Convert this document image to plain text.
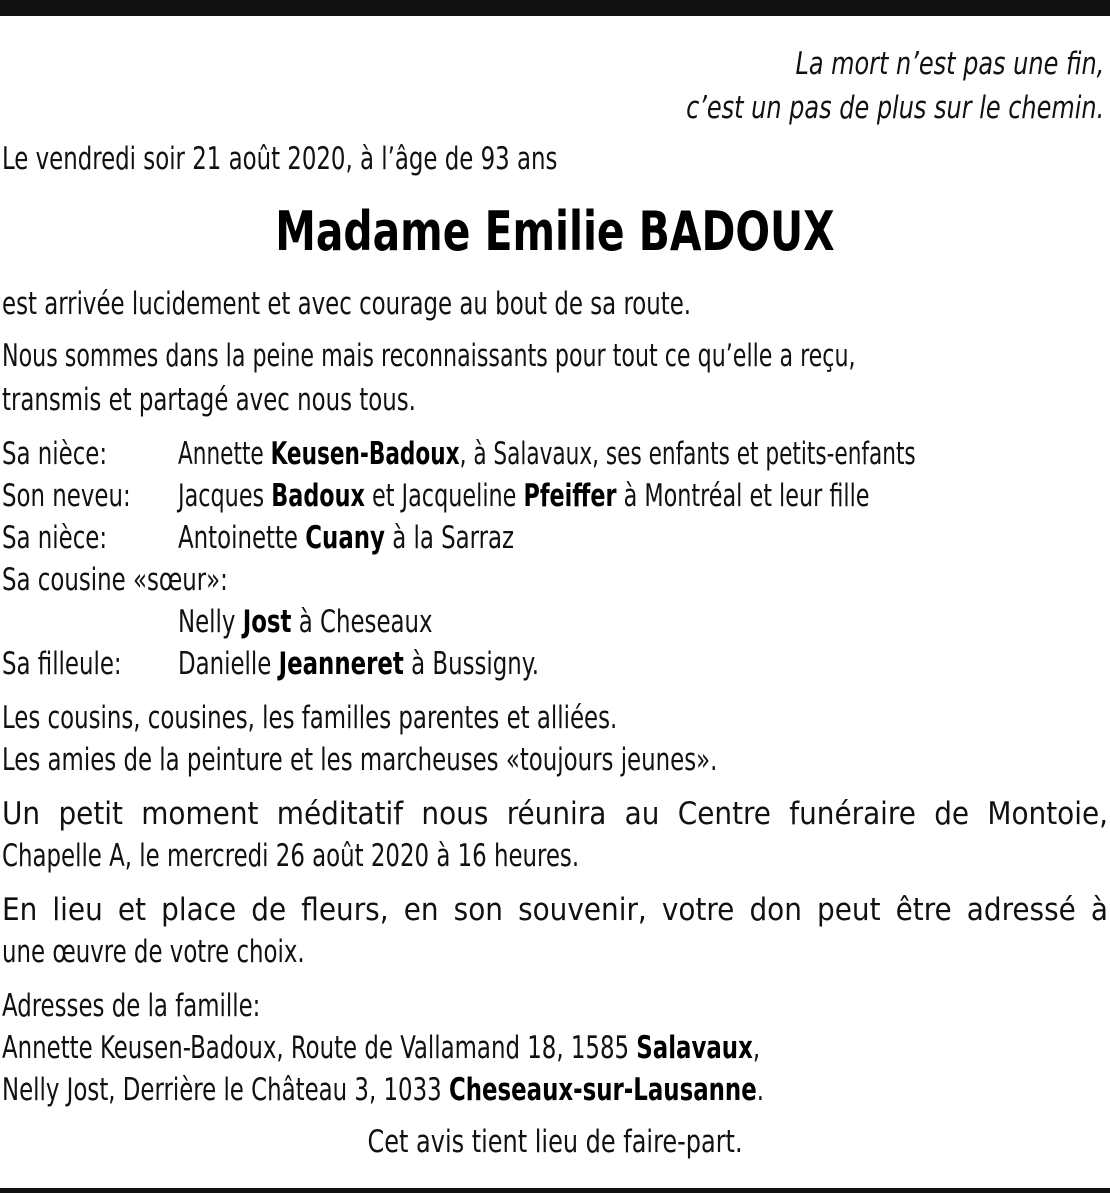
La mort n’est pas une fin,
c’est un pas de plus sur le chemin.
Le vendredi soir 21 août 2020, à l’âge de 93 ans
Madame Emilie BADOUX
est arrivée lucidement et avec courage au bout de sa route.
Nous sommes dans la peine mais reconnaissants pour tout ce qu’elle a reçu,
transmis et partagé avec nous tous.
Sa nièce: Annette Keusen-Badoux, à Salavaux, ses enfants et petits-enfants
Son neveu: Jacques Badoux et Jacqueline Pfeiffer à Montréal et leur fille
Sa nièce: Antoinette Cuany à la Sarraz
Sa cousine «sœur»:
Nelly Jost à Cheseaux
Sa filleule: Danielle Jeanneret à Bussigny.
Les cousins, cousines, les familles parentes et alliées.
Les amies de la peinture et les marcheuses «toujours jeunes».
Un petit moment méditatif nous réunira au Centre funéraire de Montoie,
Chapelle A, le mercredi 26 août 2020 à 16 heures.
En lieu et place de fleurs, en son souvenir, votre don peut être adressé à
une œuvre de votre choix.
Adresses de la famille:
Annette Keusen-Badoux, Route de Vallamand 18, 1585 Salavaux,
Nelly Jost, Derrière le Château 3, 1033 Cheseaux-sur-Lausanne.
Cet avis tient lieu de faire-part.
